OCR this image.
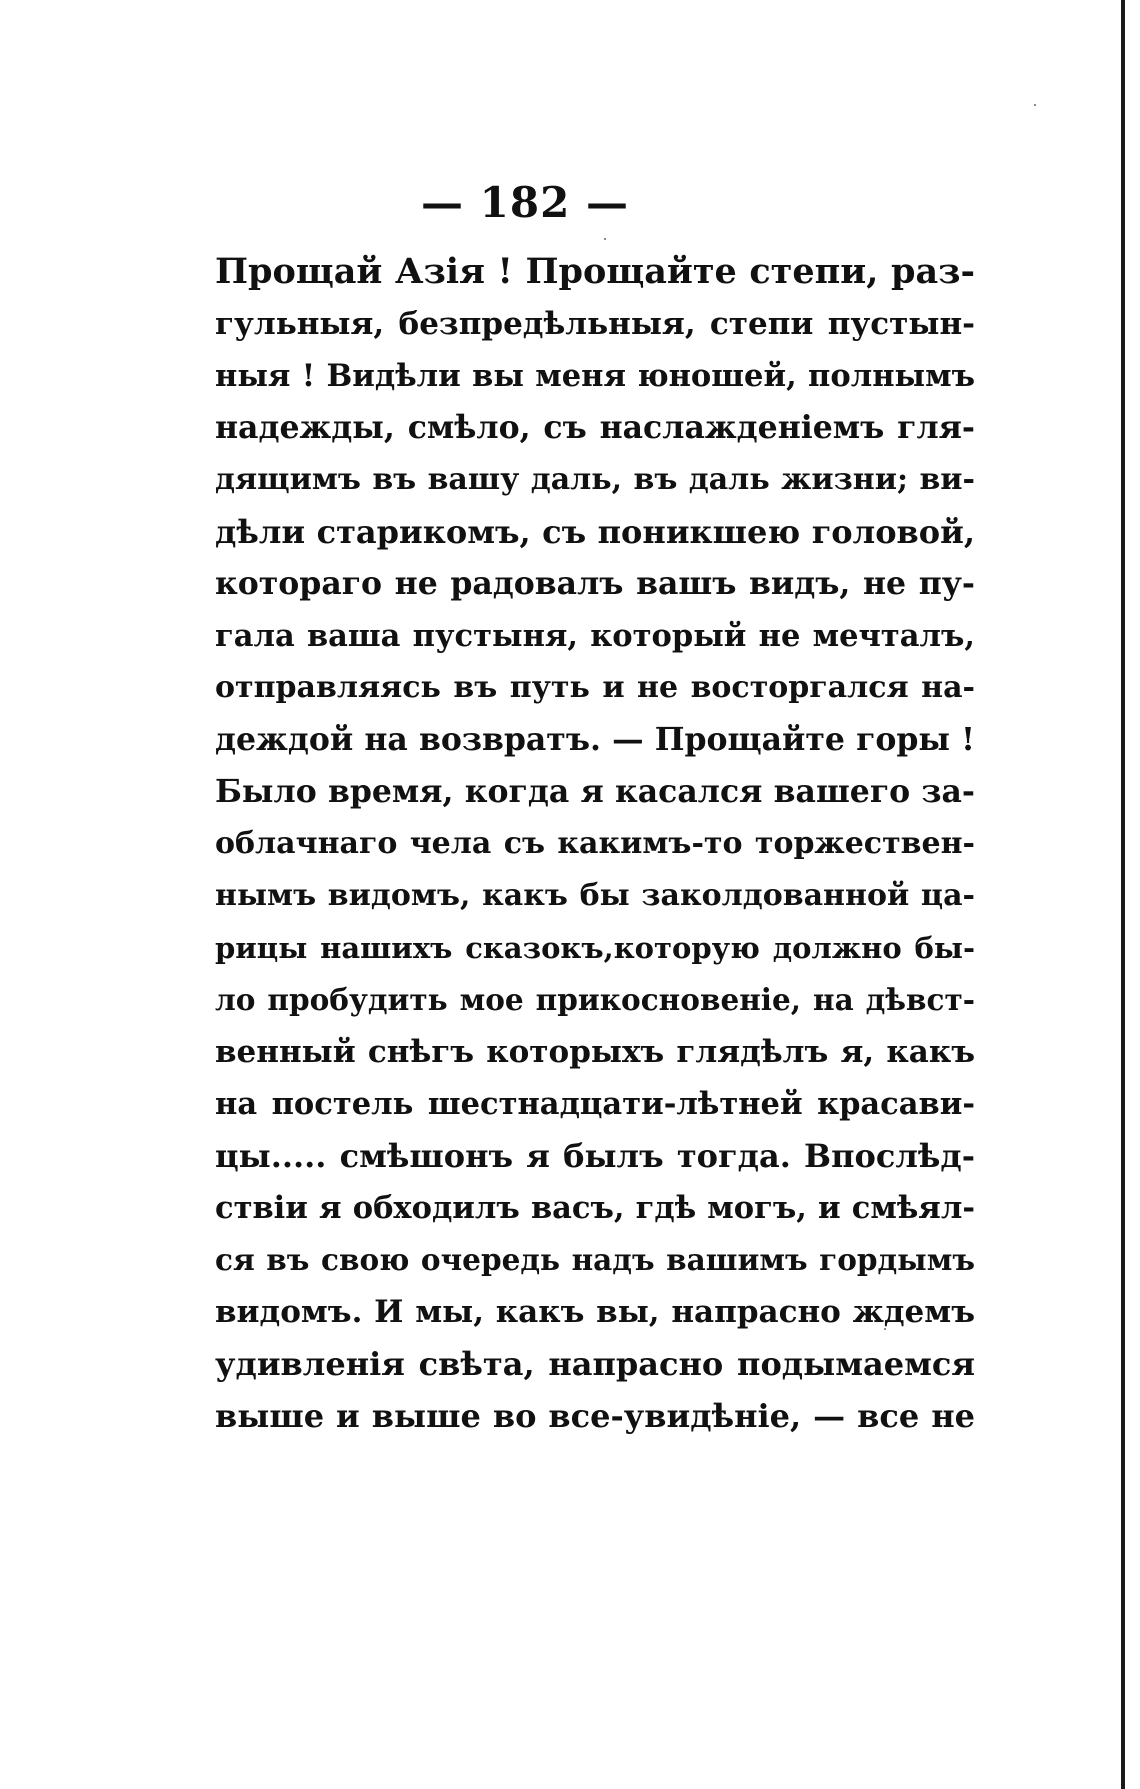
— 182 —
Прощай Азія ! Прощайте степи, раз-
гульныя, безпредѣльныя, степи пустын-
ныя ! Видѣли вы меня юношей, полнымъ
надежды, смѣло, съ наслажденіемъ гля-
дящимъ въ вашу даль, въ даль жизни; ви-
дѣли старикомъ, съ поникшею головой,
котораго не радовалъ вашъ видъ, не пу-
гала ваша пустыня, который не мечталъ,
отправляясь въ путь и не восторгался на-
деждой на возвратъ. — Прощайте горы !
Было время, когда я касался вашего за-
облачнаго чела съ какимъ-то торжествен-
нымъ видомъ, какъ бы заколдованной ца-
рицы нашихъ сказокъ,которую должно бы-
ло пробудить мое прикосновеніе, на дѣвст-
венный снѣгъ которыхъ глядѣлъ я, какъ
на постель шестнадцати-лѣтней красави-
цы..... смѣшонъ я былъ тогда. Впослѣд-
ствіи я обходилъ васъ, гдѣ могъ, и смѣял-
ся въ свою очередь надъ вашимъ гордымъ
видомъ. И мы, какъ вы, напрасно ждемъ
удивленія свѣта, напрасно подымаемся
выше и выше во все-увидѣніе, — все не
